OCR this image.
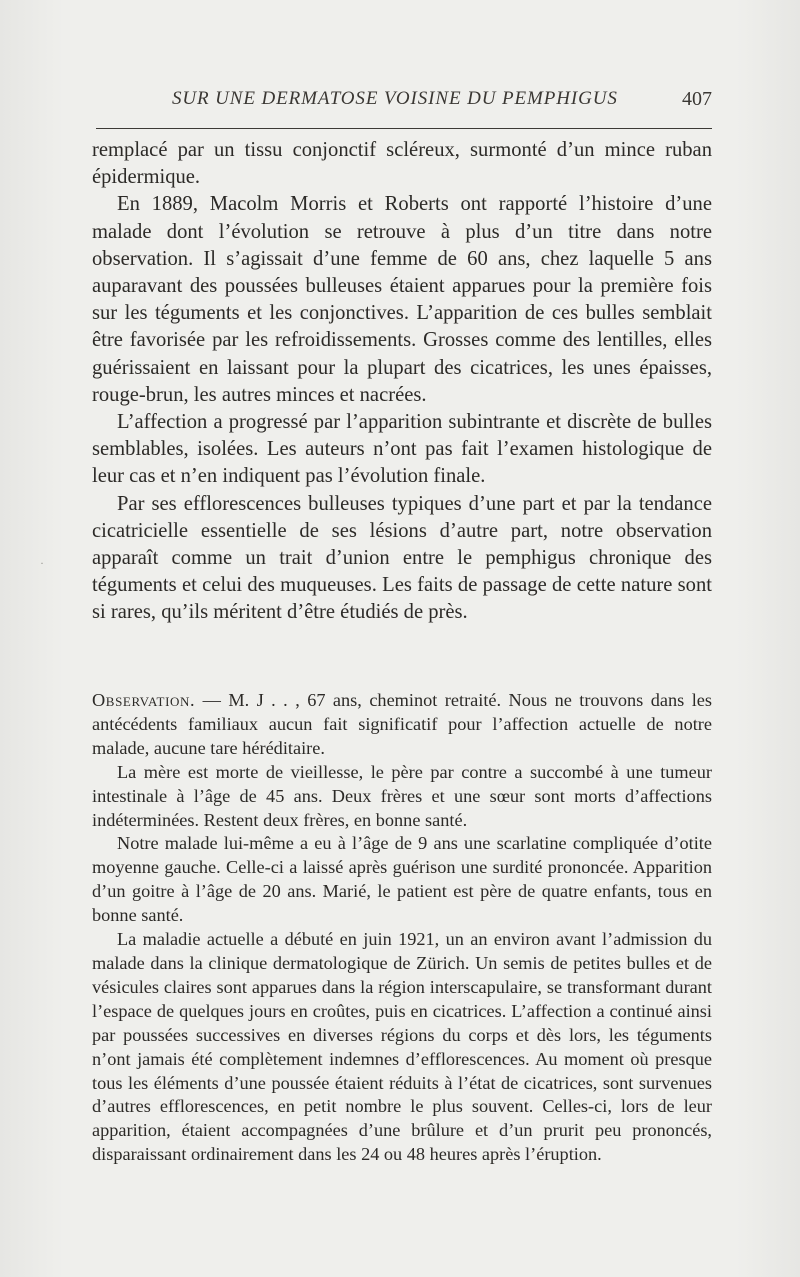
SUR UNE DERMATOSE VOISINE DU PEMPHIGUS	407
·

remplacé par un tissu conjonctif scléreux, surmonté d’un mince ruban épidermique.

En 1889, Macolm Morris et Roberts ont rapporté l’histoire d’une malade dont l’évolution se retrouve à plus d’un titre dans notre observation. Il s’agissait d’une femme de 60 ans, chez laquelle 5 ans auparavant des poussées bulleuses étaient apparues pour la première fois sur les téguments et les conjonctives. L’apparition de ces bulles semblait être favorisée par les refroidissements. Grosses comme des lentilles, elles guérissaient en laissant pour la plupart des cicatrices, les unes épaisses, rouge-brun, les autres minces et nacrées.

L’affection a progressé par l’apparition subintrante et discrète de bulles semblables, isolées. Les auteurs n’ont pas fait l’examen histologique de leur cas et n’en indiquent pas l’évolution finale.

Par ses efflorescences bulleuses typiques d’une part et par la tendance cicatricielle essentielle de ses lésions d’autre part, notre observation apparaît comme un trait d’union entre le pemphigus chronique des téguments et celui des muqueuses. Les faits de passage de cette nature sont si rares, qu’ils méritent d’être étudiés de près.

Observation. — M. J . . , 67 ans, cheminot retraité. Nous ne trouvons dans les antécédents familiaux aucun fait significatif pour l’affection actuelle de notre malade, aucune tare héréditaire.

La mère est morte de vieillesse, le père par contre a succombé à une tumeur intestinale à l’âge de 45 ans. Deux frères et une sœur sont morts d’affections indéterminées. Restent deux frères, en bonne santé.

Notre malade lui-même a eu à l’âge de 9 ans une scarlatine compliquée d’otite moyenne gauche. Celle-ci a laissé après guérison une surdité prononcée. Apparition d’un goitre à l’âge de 20 ans. Marié, le patient est père de quatre enfants, tous en bonne santé.

La maladie actuelle a débuté en juin 1921, un an environ avant l’admission du malade dans la clinique dermatologique de Zürich. Un semis de petites bulles et de vésicules claires sont apparues dans la région interscapulaire, se transformant durant l’espace de quelques jours en croûtes, puis en cicatrices. L’affection a continué ainsi par poussées successives en diverses régions du corps et dès lors, les téguments n’ont jamais été complètement indemnes d’efflorescences. Au moment où presque tous les éléments d’une poussée étaient réduits à l’état de cicatrices, sont survenues d’autres efflorescences, en petit nombre le plus souvent. Celles-ci, lors de leur apparition, étaient accompagnées d’une brûlure et d’un prurit peu prononcés, disparaissant ordinairement dans les 24 ou 48 heures après l’éruption.
